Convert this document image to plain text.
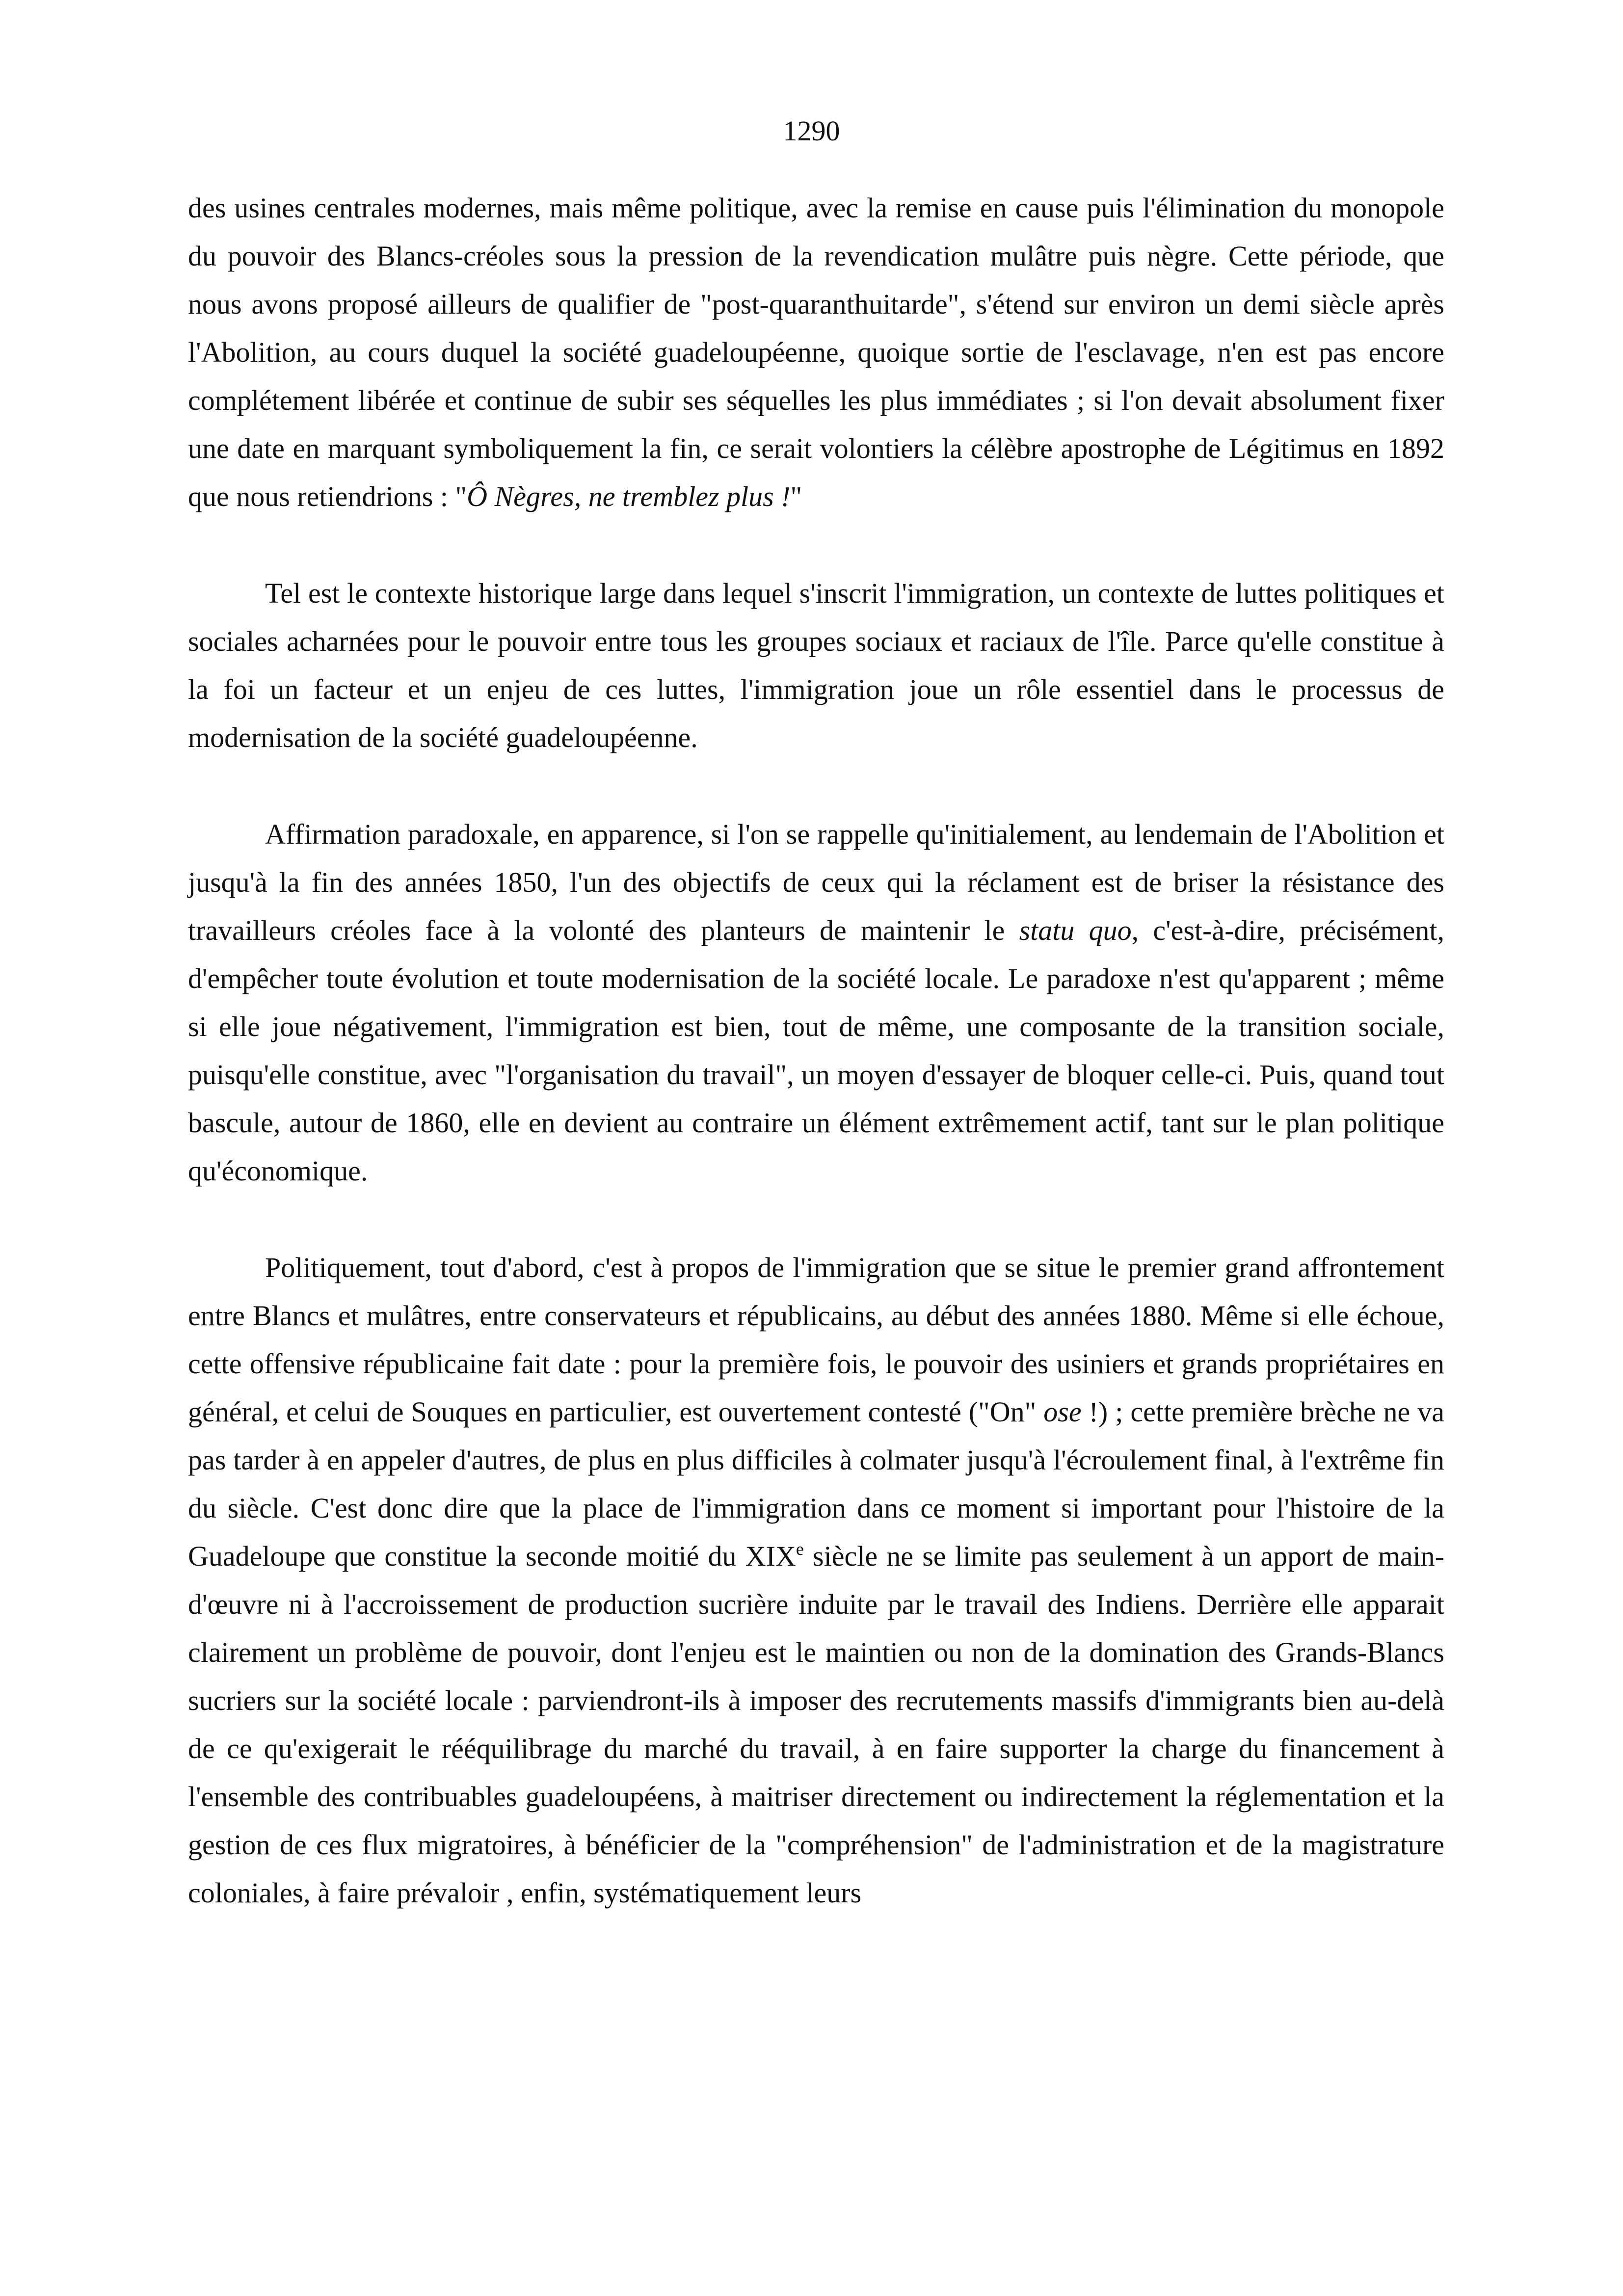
1290

des usines centrales modernes, mais même politique, avec la remise en cause puis l'élimination du monopole du pouvoir des Blancs-créoles sous la pression de la revendication mulâtre puis nègre. Cette période, que nous avons proposé ailleurs de qualifier de "post-quaranthuitarde", s'étend sur environ un demi siècle après l'Abolition, au cours duquel la société guadeloupéenne, quoique sortie de l'esclavage, n'en est pas encore complétement libérée et continue de subir ses séquelles les plus immédiates ; si l'on devait absolument fixer une date en marquant symboliquement la fin, ce serait volontiers la célèbre apostrophe de Légitimus en 1892 que nous retiendrions : "Ô Nègres, ne tremblez plus !"

Tel est le contexte historique large dans lequel s'inscrit l'immigration, un contexte de luttes politiques et sociales acharnées pour le pouvoir entre tous les groupes sociaux et raciaux de l'île. Parce qu'elle constitue à la foi un facteur et un enjeu de ces luttes, l'immigration joue un rôle essentiel dans le processus de modernisation de la société guadeloupéenne.

Affirmation paradoxale, en apparence, si l'on se rappelle qu'initialement, au lendemain de l'Abolition et jusqu'à la fin des années 1850, l'un des objectifs de ceux qui la réclament est de briser la résistance des travailleurs créoles face à la volonté des planteurs de maintenir le statu quo, c'est-à-dire, précisément, d'empêcher toute évolution et toute modernisation de la société locale. Le paradoxe n'est qu'apparent ; même si elle joue négativement, l'immigration est bien, tout de même, une composante de la transition sociale, puisqu'elle constitue, avec "l'organisation du travail", un moyen d'essayer de bloquer celle-ci. Puis, quand tout bascule, autour de 1860, elle en devient au contraire un élément extrêmement actif, tant sur le plan politique qu'économique.

Politiquement, tout d'abord, c'est à propos de l'immigration que se situe le premier grand affrontement entre Blancs et mulâtres, entre conservateurs et républicains, au début des années 1880. Même si elle échoue, cette offensive républicaine fait date : pour la première fois, le pouvoir des usiniers et grands propriétaires en général, et celui de Souques en particulier, est ouvertement contesté ("On" ose !) ; cette première brèche ne va pas tarder à en appeler d'autres, de plus en plus difficiles à colmater jusqu'à l'écroulement final, à l'extrême fin du siècle. C'est donc dire que la place de l'immigration dans ce moment si important pour l'histoire de la Guadeloupe que constitue la seconde moitié du XIXe siècle ne se limite pas seulement à un apport de main-d'œuvre ni à l'accroissement de production sucrière induite par le travail des Indiens. Derrière elle apparait clairement un problème de pouvoir, dont l'enjeu est le maintien ou non de la domination des Grands-Blancs sucriers sur la société locale : parviendront-ils à imposer des recrutements massifs d'immigrants bien au-delà de ce qu'exigerait le rééquilibrage du marché du travail, à en faire supporter la charge du financement à l'ensemble des contribuables guadeloupéens, à maitriser directement ou indirectement la réglementation et la gestion de ces flux migratoires, à bénéficier de la "compréhension" de l'administration et de la magistrature coloniales, à faire prévaloir , enfin, systématiquement leurs
